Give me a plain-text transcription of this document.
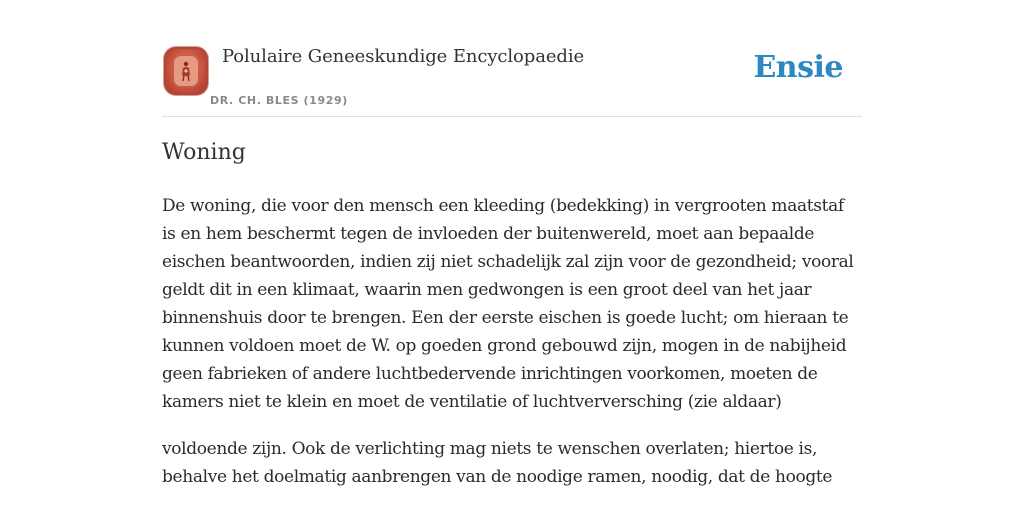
Polulaire Geneeskundige Encyclopaedie
DR. CH. BLES (1929)
Ensie
Woning

De woning, die voor den mensch een kleeding (bedekking) in vergrooten maatstaf is en hem beschermt tegen de invloeden der buitenwereld, moet aan bepaalde eischen beantwoorden, indien zij niet schadelijk zal zijn voor de gezondheid; vooral geldt dit in een klimaat, waarin men gedwongen is een groot deel van het jaar binnenshuis door te brengen. Een der eerste eischen is goede lucht; om hieraan te kunnen voldoen moet de W. op goeden grond gebouwd zijn, mogen in de nabijheid geen fabrieken of andere luchtbedervende inrichtingen voorkomen, moeten de kamers niet te klein en moet de ventilatie of luchtverversching (zie aldaar)

voldoende zijn. Ook de verlichting mag niets te wenschen overlaten; hiertoe is, behalve het doelmatig aanbrengen van de noodige ramen, noodig, dat de hoogte
